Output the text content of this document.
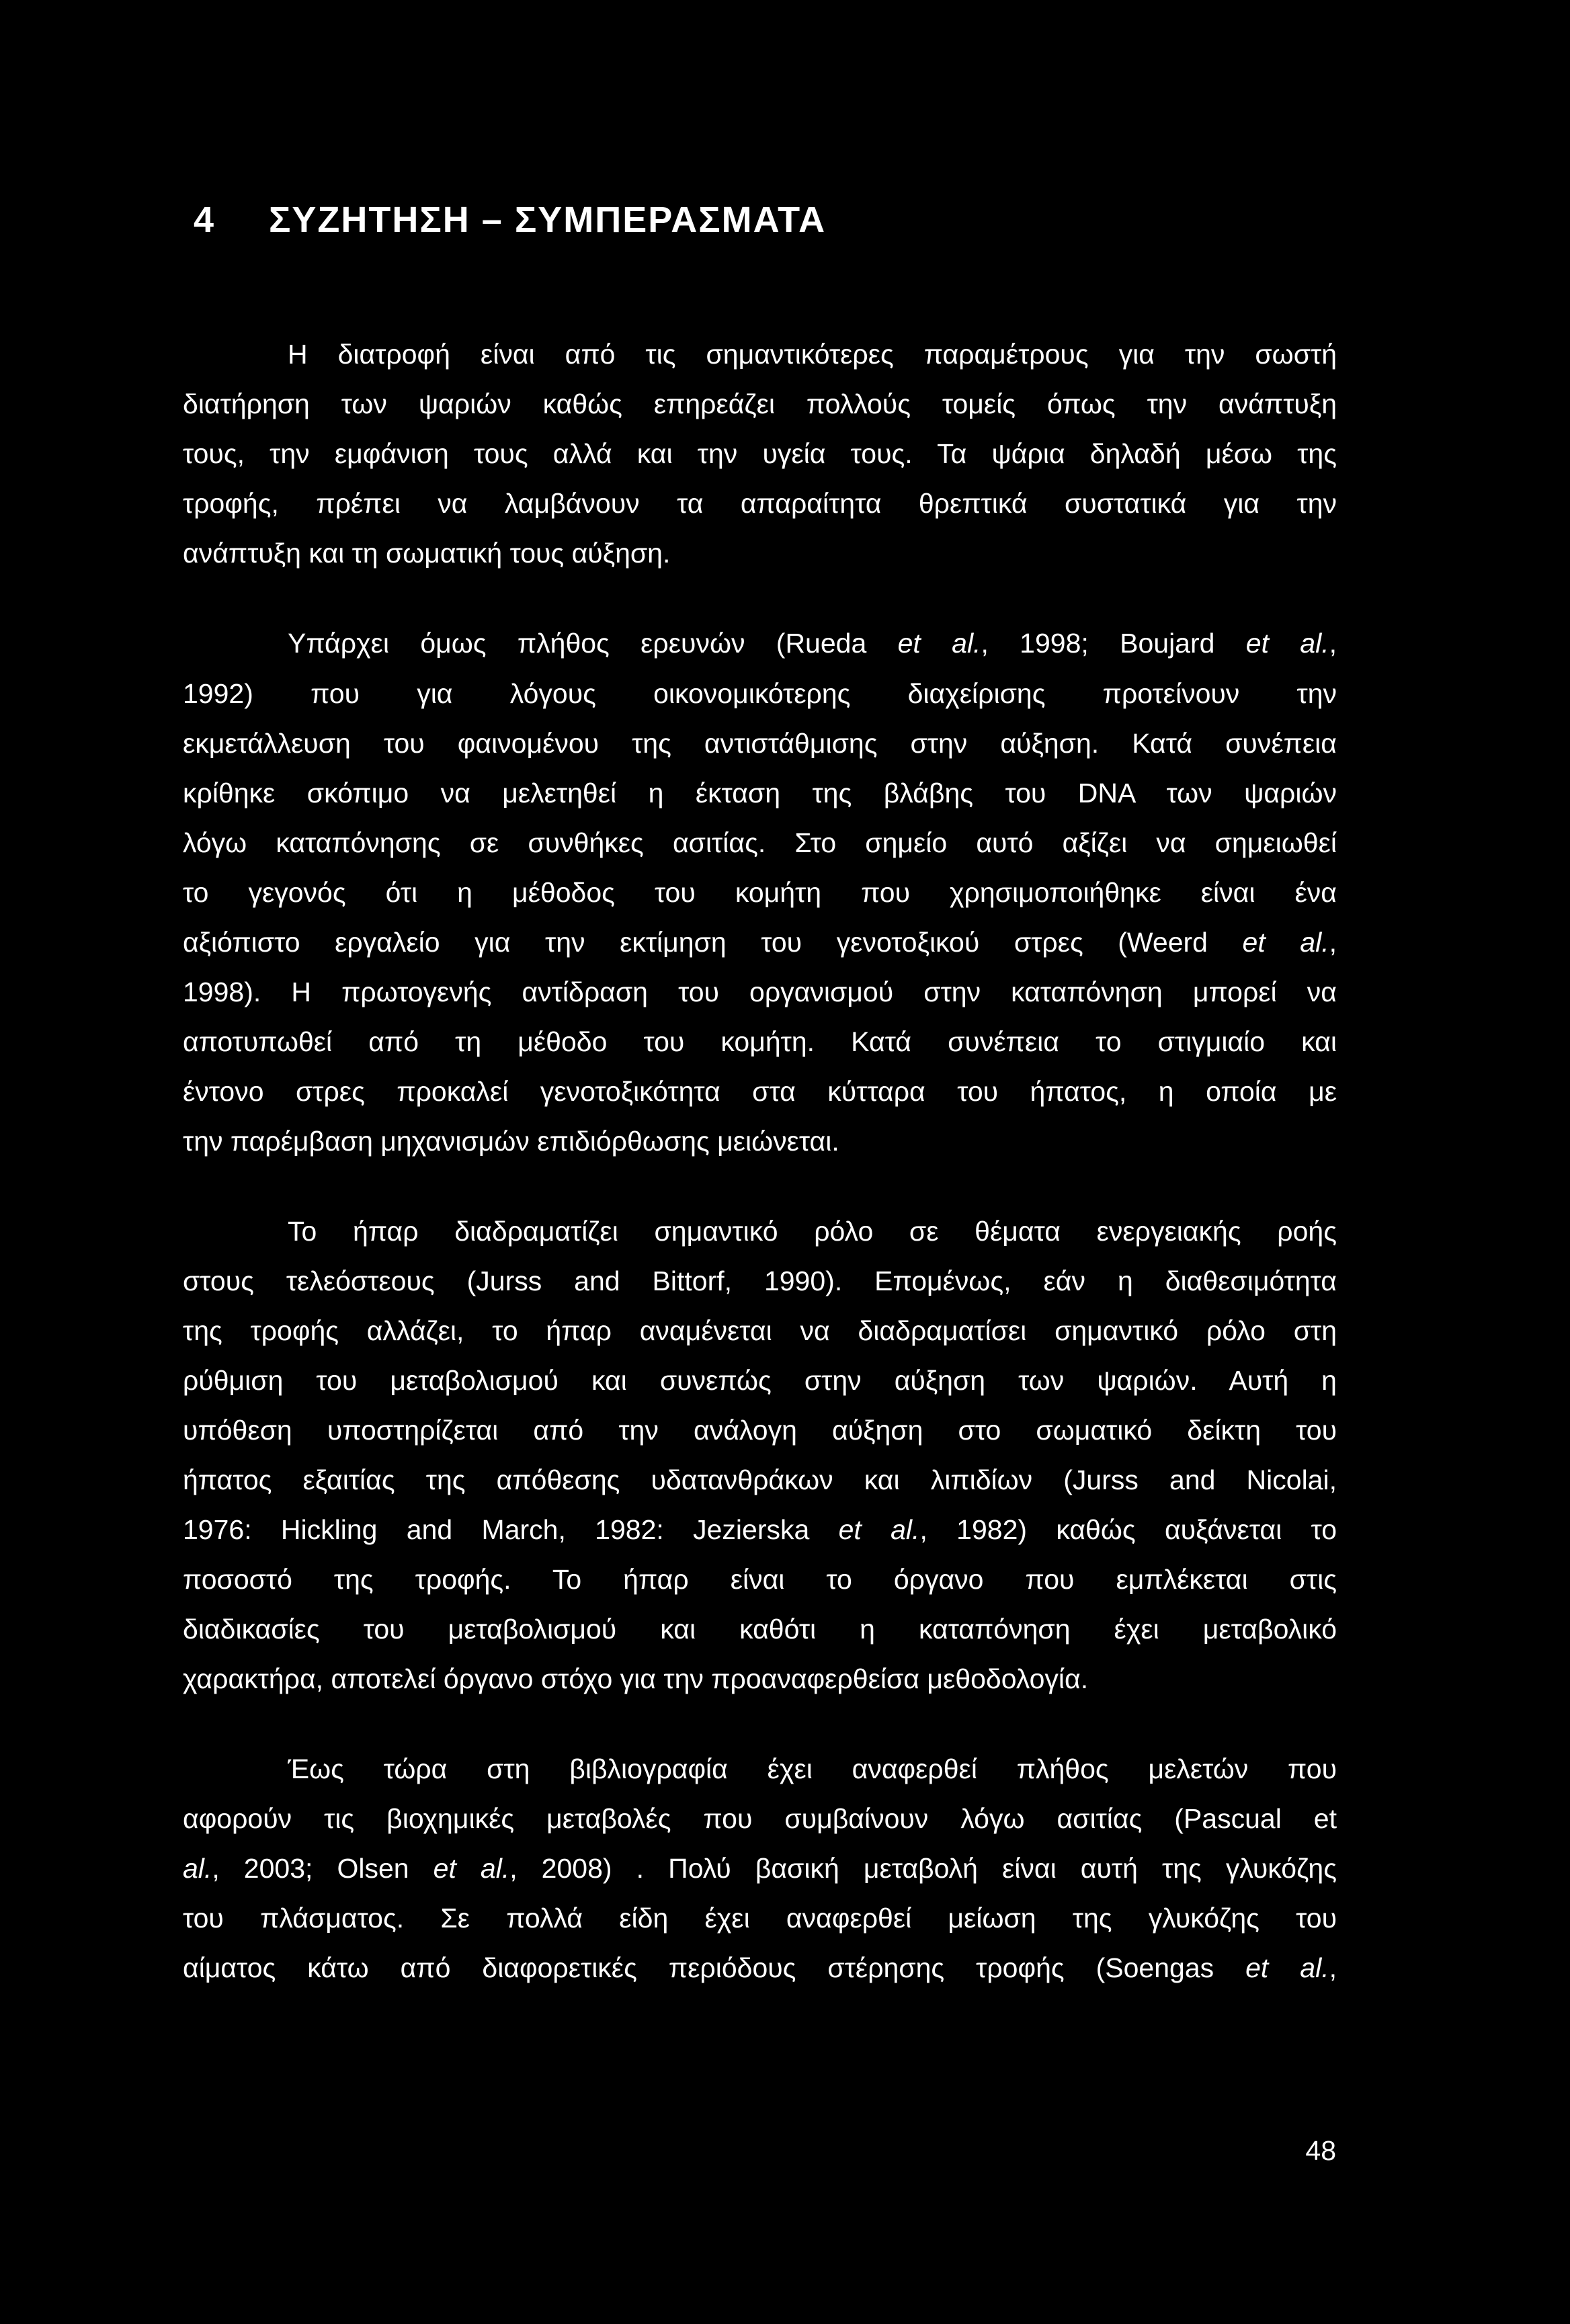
4 ΣΥΖΗΤΗΣΗ – ΣΥΜΠΕΡΑΣΜΑΤΑ
Η διατροφή είναι από τις σημαντικότερες παραμέτρους για την σωστή
διατήρηση των ψαριών καθώς επηρεάζει πολλούς τομείς όπως την ανάπτυξη
τους, την εμφάνιση τους αλλά και την υγεία τους. Τα ψάρια δηλαδή μέσω της
τροφής, πρέπει να λαμβάνουν τα απαραίτητα θρεπτικά συστατικά για την
ανάπτυξη και τη σωματική τους αύξηση.
Υπάρχει όμως πλήθος ερευνών (Rueda et al., 1998; Boujard et al.,
1992) που για λόγους οικονομικότερης διαχείρισης προτείνουν την
εκμετάλλευση του φαινομένου της αντιστάθμισης στην αύξηση. Κατά συνέπεια
κρίθηκε σκόπιμο να μελετηθεί η έκταση της βλάβης του DNA των ψαριών
λόγω καταπόνησης σε συνθήκες ασιτίας. Στο σημείο αυτό αξίζει να σημειωθεί
το γεγονός ότι η μέθοδος του κομήτη που χρησιμοποιήθηκε είναι ένα
αξιόπιστο εργαλείο για την εκτίμηση του γενοτοξικού στρες (Weerd et al.,
1998). Η πρωτογενής αντίδραση του οργανισμού στην καταπόνηση μπορεί να
αποτυπωθεί από τη μέθοδο του κομήτη. Κατά συνέπεια το στιγμιαίο και
έντονο στρες προκαλεί γενοτοξικότητα στα κύτταρα του ήπατος, η οποία με
την παρέμβαση μηχανισμών επιδιόρθωσης μειώνεται.
Το ήπαρ διαδραματίζει σημαντικό ρόλο σε θέματα ενεργειακής ροής
στους τελεόστεους (Jurss and Bittorf, 1990). Επομένως, εάν η διαθεσιμότητα
της τροφής αλλάζει, το ήπαρ αναμένεται να διαδραματίσει σημαντικό ρόλο στη
ρύθμιση του μεταβολισμού και συνεπώς στην αύξηση των ψαριών. Αυτή η
υπόθεση υποστηρίζεται από την ανάλογη αύξηση στο σωματικό δείκτη του
ήπατος εξαιτίας της απόθεσης υδατανθράκων και λιπιδίων (Jurss and Nicolai,
1976: Hickling and March, 1982: Jezierska et al., 1982) καθώς αυξάνεται το
ποσοστό της τροφής. Το ήπαρ είναι το όργανο που εμπλέκεται στις
διαδικασίες του μεταβολισμού και καθότι η καταπόνηση έχει μεταβολικό
χαρακτήρα, αποτελεί όργανο στόχο για την προαναφερθείσα μεθοδολογία.
Έως τώρα στη βιβλιογραφία έχει αναφερθεί πλήθος μελετών που
αφορούν τις βιοχημικές μεταβολές που συμβαίνουν λόγω ασιτίας (Pascual et
al., 2003; Olsen et al., 2008) . Πολύ βασική μεταβολή είναι αυτή της γλυκόζης
του πλάσματος. Σε πολλά είδη έχει αναφερθεί μείωση της γλυκόζης του
αίματος κάτω από διαφορετικές περιόδους στέρησης τροφής (Soengas et al.,
48
